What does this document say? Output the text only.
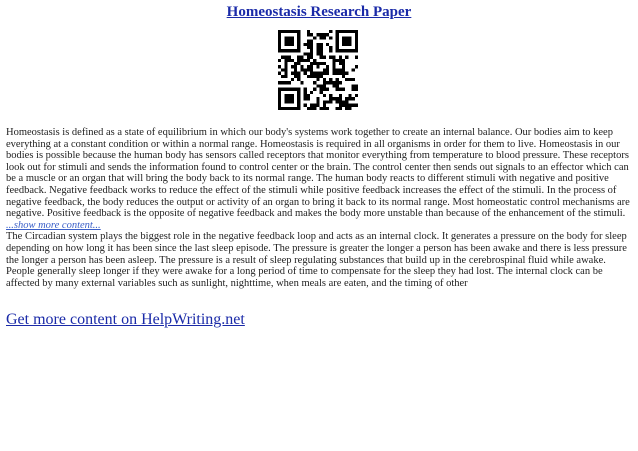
Homeostasis Research Paper

Homeostasis is defined as a state of equilibrium in which our body's systems work together to create an internal balance. Our bodies aim to keep everything at a constant condition or within a normal range. Homeostasis is required in all organisms in order for them to live. Homeostasis in our bodies is possible because the human body has sensors called receptors that monitor everything from temperature to blood pressure. These receptors look out for stimuli and sends the information found to control center or the brain. The control center then sends out signals to an effector which can be a muscle or an organ that will bring the body back to its normal range. The human body reacts to different stimuli with negative and positive feedback. Negative feedback works to reduce the effect of the stimuli while positive feedback increases the effect of the stimuli. In the process of negative feedback, the body reduces the output or activity of an organ to bring it back to its normal range. Most homeostatic control mechanisms are negative. Positive feedback is the opposite of negative feedback and makes the body more unstable than because of the enhancement of the stimuli.

...show more content...

The Circadian system plays the biggest role in the negative feedback loop and acts as an internal clock. It generates a pressure on the body for sleep depending on how long it has been since the last sleep episode. The pressure is greater the longer a person has been awake and there is less pressure the longer a person has been asleep. The pressure is a result of sleep regulating substances that build up in the cerebrospinal fluid while awake. People generally sleep longer if they were awake for a long period of time to compensate for the sleep they had lost. The internal clock can be affected by many external variables such as sunlight, nighttime, when meals are eaten, and the timing of other

Get more content on HelpWriting.net
